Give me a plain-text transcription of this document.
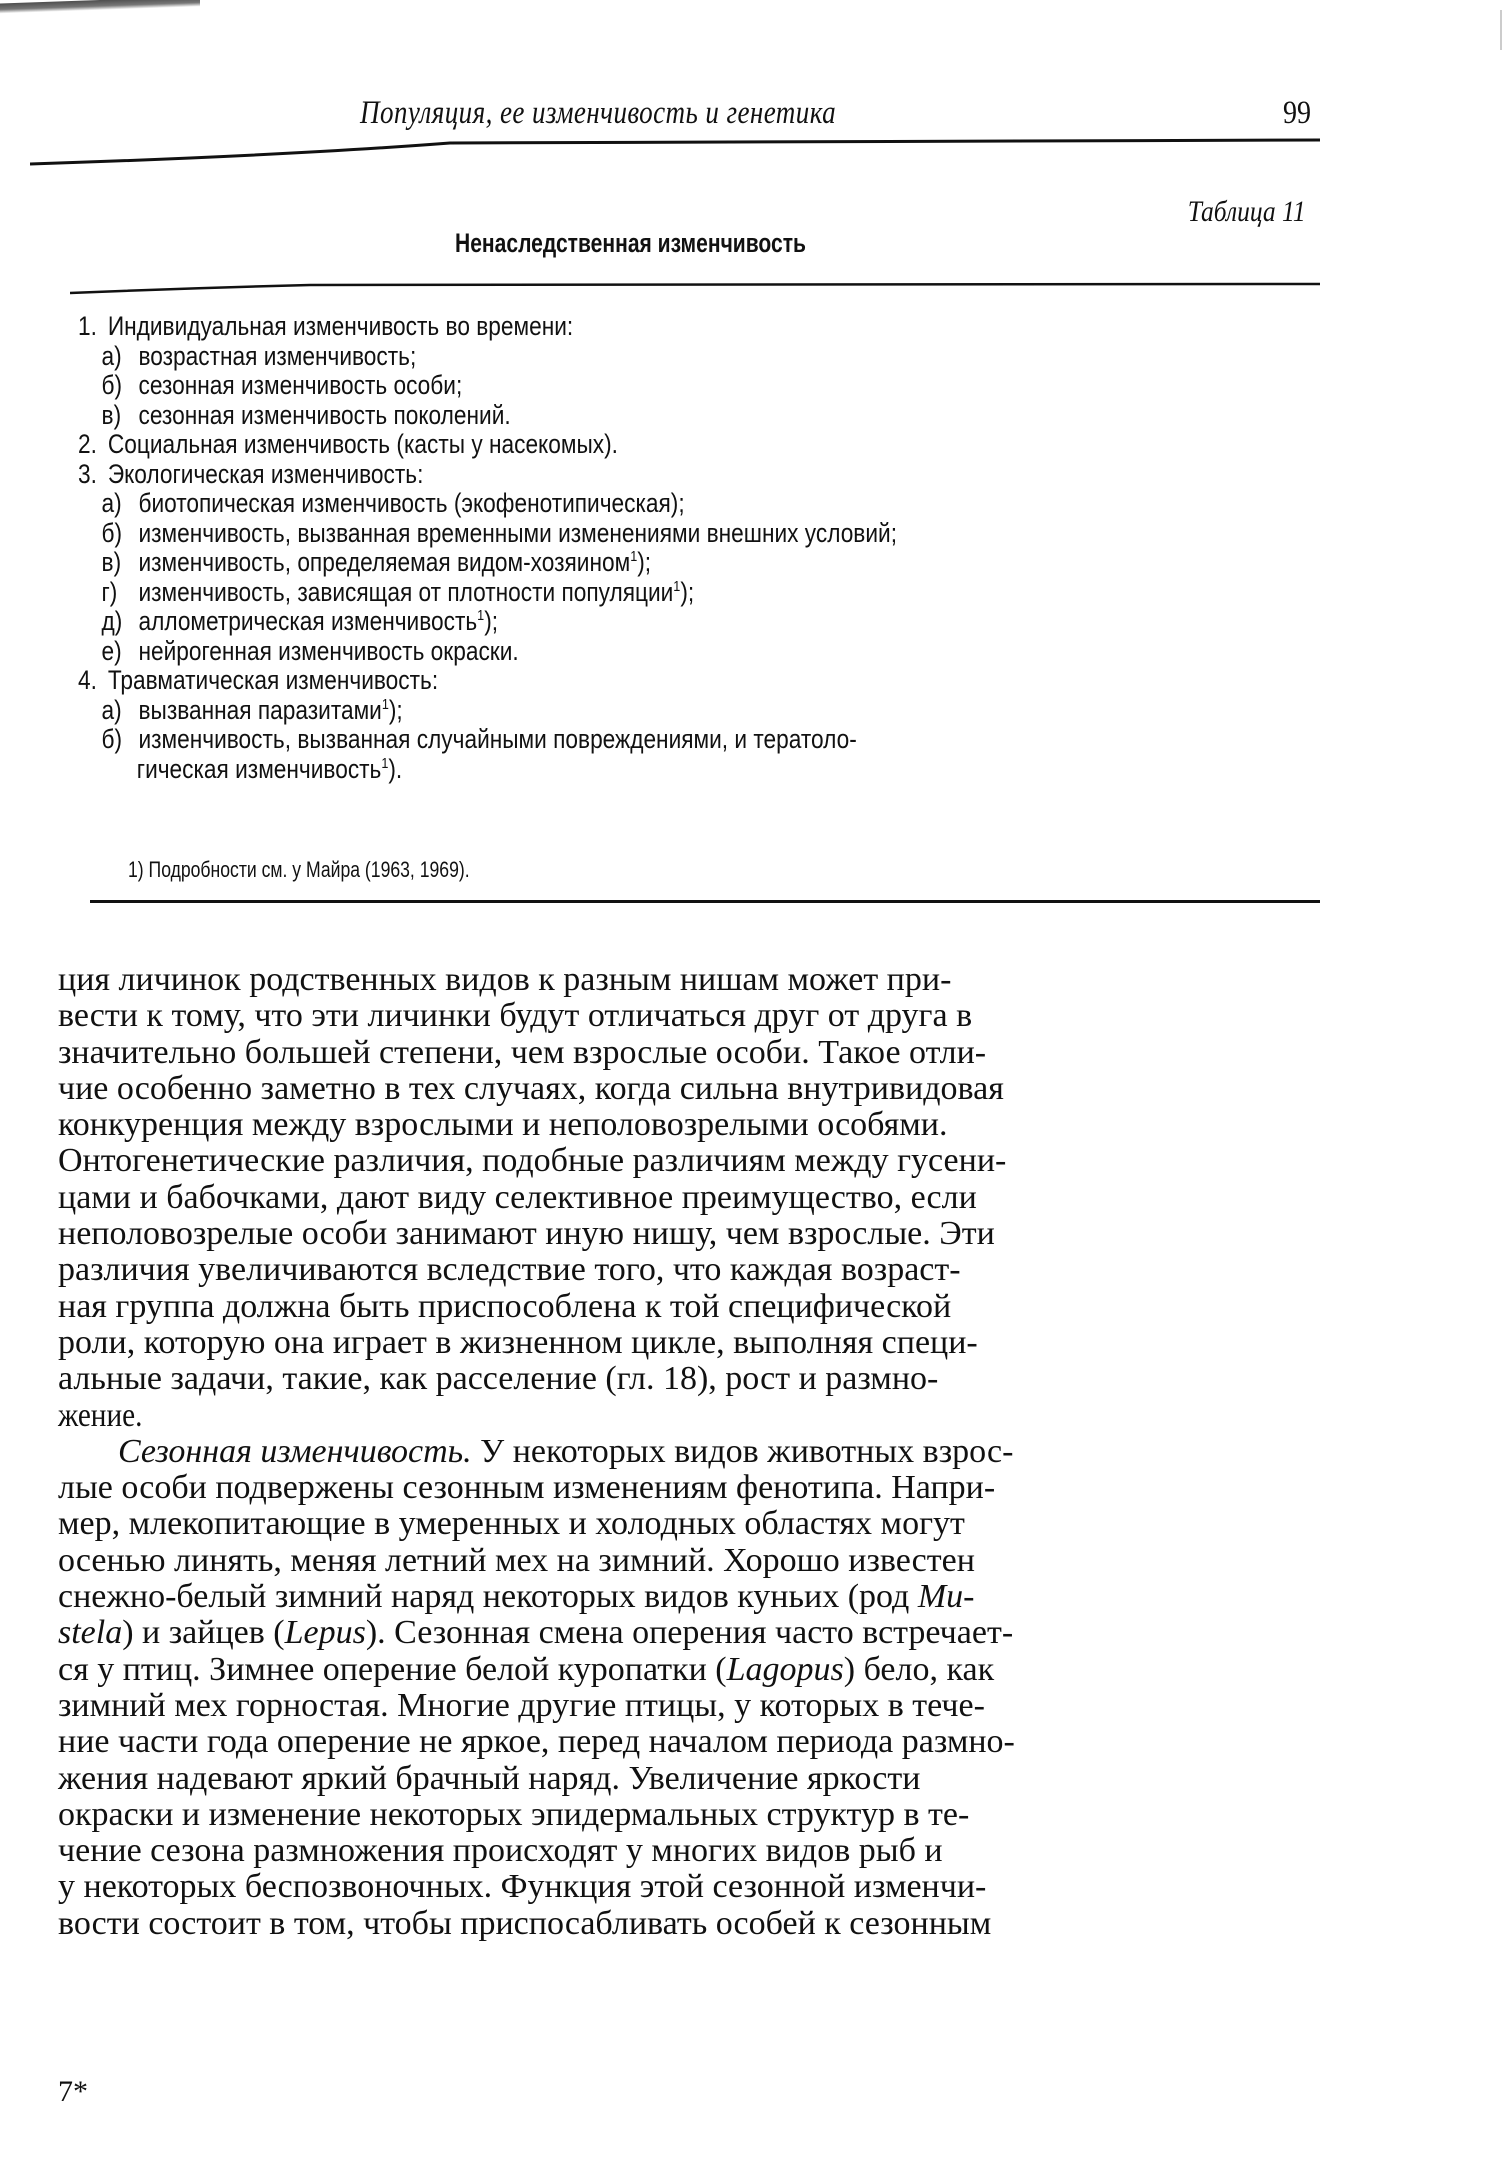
Популяция, ее изменчивость и генетика	99
Таблица 11
Ненаследственная изменчивость
1. Индивидуальная изменчивость во времени:
а) возрастная изменчивость;
б) сезонная изменчивость особи;
в) сезонная изменчивость поколений.
2. Социальная изменчивость (касты у насекомых).
3. Экологическая изменчивость:
а) биотопическая изменчивость (экофенотипическая);
б) изменчивость, вызванная временными изменениями внешних условий;
в) изменчивость, определяемая видом-хозяином$^1$);
г) изменчивость, зависящая от плотности популяции$^1$);
д) аллометрическая изменчивость$^1$);
е) нейрогенная изменчивость окраски.
4. Травматическая изменчивость:
а) вызванная паразитами$^1$);
б) изменчивость, вызванная случайными повреждениями, и тератоло-
гическая изменчивость$^1$).
1) Подробности см. у Майра (1963, 1969).

ция личинок родственных видов к разным нишам может при-
вести к тому, что эти личинки будут отличаться друг от друга в
значительно большей степени, чем взрослые особи. Такое отли-
чие особенно заметно в тех случаях, когда сильна внутривидовая
конкуренция между взрослыми и неполовозрелыми особями.
Онтогенетические различия, подобные различиям между гусени-
цами и бабочками, дают виду селективное преимущество, если
неполовозрелые особи занимают иную нишу, чем взрослые. Эти
различия увеличиваются вследствие того, что каждая возраст-
ная группа должна быть приспособлена к той специфической
роли, которую она играет в жизненном цикле, выполняя специ-
альные задачи, такие, как расселение (гл. 18), рост и размно-
жение.

Сезонная изменчивость. У некоторых видов животных взрос-
лые особи подвержены сезонным изменениям фенотипа. Напри-
мер, млекопитающие в умеренных и холодных областях могут
осенью линять, меняя летний мех на зимний. Хорошо известен
снежно-белый зимний наряд некоторых видов куньих (род Mu-
stela) и зайцев (Lepus). Сезонная смена оперения часто встречает-
ся у птиц. Зимнее оперение белой куропатки (Lagopus) бело, как
зимний мех горностая. Многие другие птицы, у которых в тече-
ние части года оперение не яркое, перед началом периода размно-
жения надевают яркий брачный наряд. Увеличение яркости
окраски и изменение некоторых эпидермальных структур в те-
чение сезона размножения происходят у многих видов рыб и
у некоторых беспозвоночных. Функция этой сезонной изменчи-
вости состоит в том, чтобы приспосабливать особей к сезонным

7*
